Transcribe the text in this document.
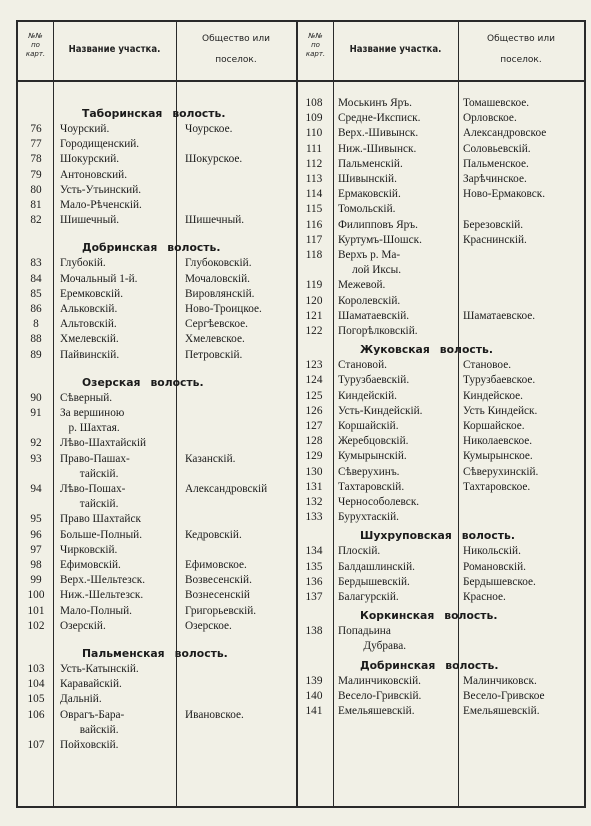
№№
по
карт.	Название участка.
Общество или
поселок.
№№
по
карт.	Название участка.
Общество или
поселок.
Таборинская волость.
76	Чоурский.	Чоурское.
77	Городищенский.
78	Шокурский.	Шокурское.
79	Антоновский.
80	Усть-Утьинский.
81	Мало-Рѣченскій.
82	Шишечный.	Шишечный.
Добринская волость.
83	Глубокій.	Глубоковскій.
84	Мочальный 1-й.	Мочаловскій.
85	Еремковскій.	Вировлянскій.
86	Альковскій.	Ново-Троицкое.
8	Альтовскій.	Сергѣевское.
88	Хмелевскій.	Хмелевское.
89	Пайвинскій.	Петровскій.
Озерская волость.
90	Сѣверный.
91	За вершиною
р. Шахтая.
92	Лѣво-Шахтайскій
93	Право-Пашах-	Казанскій.
тайскій.
94	Лѣво-Пошах-	Александровскій
тайскій.
95	Право Шахтайск
96	Больше-Полный.	Кедровскій.
97	Чирковскій.
98	Ефимовскій.	Ефимовское.
99	Верх.-Шельтезск.	Возвесенскій.
100	Ниж.-Шельтезск.	Вознесенскій
101	Мало-Полный.	Григорьевскій.
102	Озерскій.	Озерское.
Пальменская волость.
103	Усть-Катынскій.
104	Каравайскій.
105	Дальній.
106	Оврагъ-Бара-	Ивановское.
вайскій.
107	Пойховскій.
108	Моськинъ Яръ.	Томашевское.
109	Средне-Иксписк.	Орловское.
110	Верх.-Шивынск.	Александровское
111	Ниж.-Шивынск.	Соловьевскій.
112	Пальменскій.	Пальменское.
113	Шивынскій.	Зарѣчинское.
114	Ермаковскій.	Ново-Ермаковск.
115	Томольскій.
116	Филипповъ Яръ.	Березовскій.
117	Куртумъ-Шошск.	Краснинскій.
118	Верхъ р. Ма-
лой Иксы.
119	Межевой.
120	Королевскій.
121	Шаматаевскій.	Шаматаевское.
122	Погорѣлковскій.
Жуковская волость.
123	Становой.	Становое.
124	Турузбаевскій.	Турузбаевское.
125	Киндейскій.	Киндейское.
126	Усть-Киндейскій.	Усть Киндейск.
127	Коршайскій.	Коршайское.
128	Жеребцовскій.	Николаевское.
129	Кумырынскій.	Кумырынское.
130	Сѣверухинъ.	Сѣверухинскій.
131	Тахтаровскій.	Тахтаровское.
132	Чернособолевск.
133	Бурухтаскій.
Шухруповская волость.
134	Плоскій.	Никольскій.
135	Балдашлинскій.	Романовскій.
136	Бердышевскій.	Бердышевское.
137	Балагурскій.	Красное.
Коркинская волость.
138	Попадьина
Дубрава.
Добринская волость.
139	Малинчиковскій.	Малинчиковск.
140	Весело-Гривскій.	Весело-Гривское
141	Емельяшевскій.	Емельяшевскій.
